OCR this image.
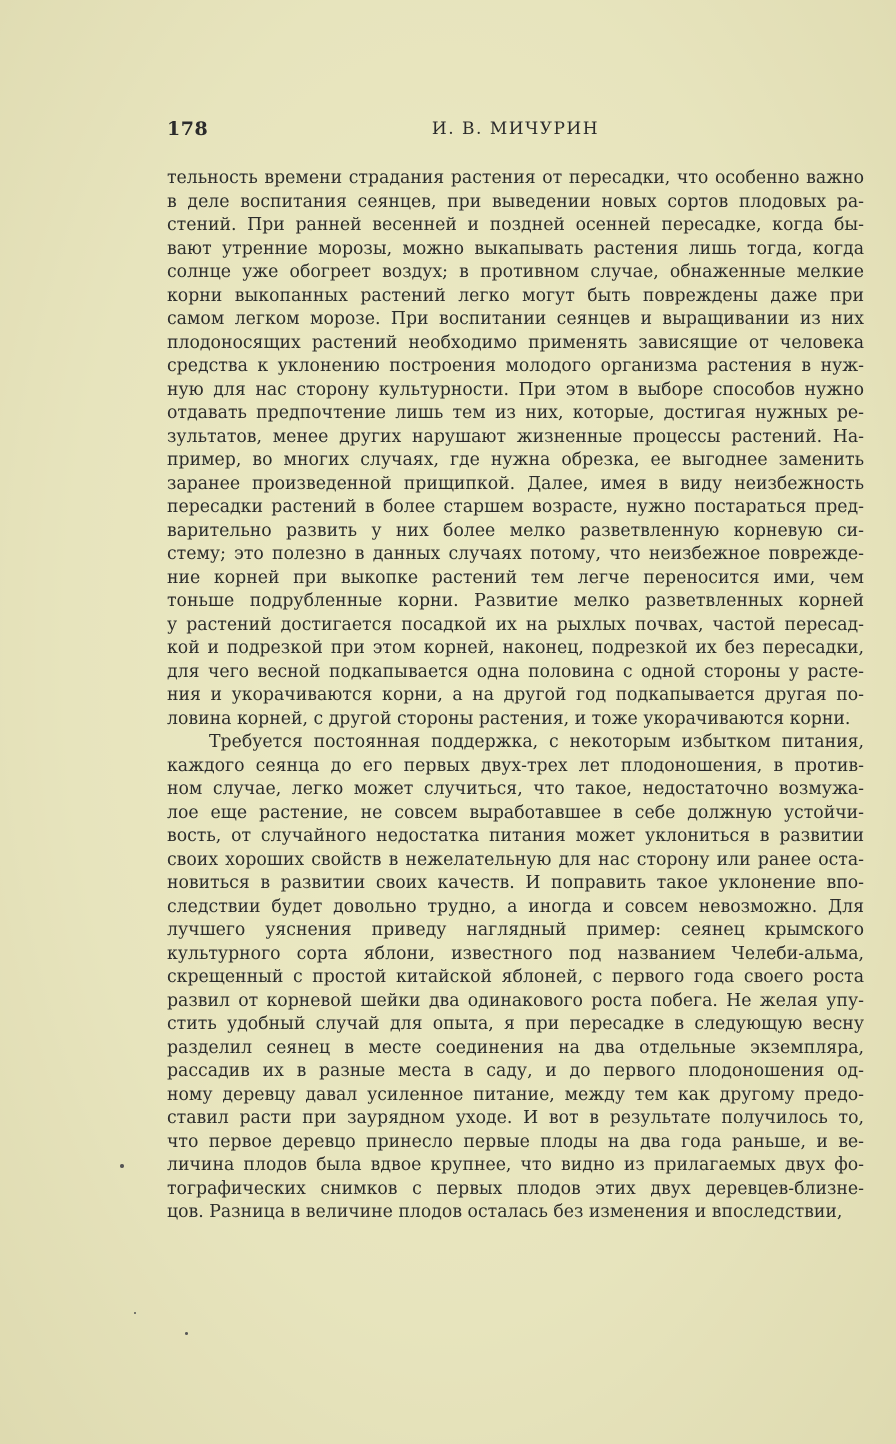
178	И. В. МИЧУРИН
тельность времени страдания растения от пересадки, что особенно важно
в деле воспитания сеянцев, при выведении новых сортов плодовых ра-
стений. При ранней весенней и поздней осенней пересадке, когда бы-
вают утренние морозы, можно выкапывать растения лишь тогда, когда
солнце уже обогреет воздух; в противном случае, обнаженные мелкие
корни выкопанных растений легко могут быть повреждены даже при
самом легком морозе. При воспитании сеянцев и выращивании из них
плодоносящих растений необходимо применять зависящие от человека
средства к уклонению построения молодого организма растения в нуж-
ную для нас сторону культурности. При этом в выборе способов нужно
отдавать предпочтение лишь тем из них, которые, достигая нужных ре-
зультатов, менее других нарушают жизненные процессы растений. На-
пример, во многих случаях, где нужна обрезка, ее выгоднее заменить
заранее произведенной прищипкой. Далее, имея в виду неизбежность
пересадки растений в более старшем возрасте, нужно постараться пред-
варительно развить у них более мелко разветвленную корневую си-
стему; это полезно в данных случаях потому, что неизбежное поврежде-
ние корней при выкопке растений тем легче переносится ими, чем
тоньше подрубленные корни. Развитие мелко разветвленных корней
у растений достигается посадкой их на рыхлых почвах, частой пересад-
кой и подрезкой при этом корней, наконец, подрезкой их без пересадки,
для чего весной подкапывается одна половина с одной стороны у расте-
ния и укорачиваются корни, а на другой год подкапывается другая по-
ловина корней, с другой стороны растения, и тоже укорачиваются корни.
Требуется постоянная поддержка, с некоторым избытком питания,
каждого сеянца до его первых двух-трех лет плодоношения, в против-
ном случае, легко может случиться, что такое, недостаточно возмужа-
лое еще растение, не совсем выработавшее в себе должную устойчи-
вость, от случайного недостатка питания может уклониться в развитии
своих хороших свойств в нежелательную для нас сторону или ранее оста-
новиться в развитии своих качеств. И поправить такое уклонение впо-
следствии будет довольно трудно, а иногда и совсем невозможно. Для
лучшего уяснения приведу наглядный пример: сеянец крымского
культурного сорта яблони, известного под названием Челеби-альма,
скрещенный с простой китайской яблоней, с первого года своего роста
развил от корневой шейки два одинакового роста побега. Не желая упу-
стить удобный случай для опыта, я при пересадке в следующую весну
разделил сеянец в месте соединения на два отдельные экземпляра,
рассадив их в разные места в саду, и до первого плодоношения од-
ному деревцу давал усиленное питание, между тем как другому предо-
ставил расти при заурядном уходе. И вот в результате получилось то,
что первое деревцо принесло первые плоды на два года раньше, и ве-
личина плодов была вдвое крупнее, что видно из прилагаемых двух фо-
тографических снимков с первых плодов этих двух деревцев-близне-
цов. Разница в величине плодов осталась без изменения и впоследствии,
